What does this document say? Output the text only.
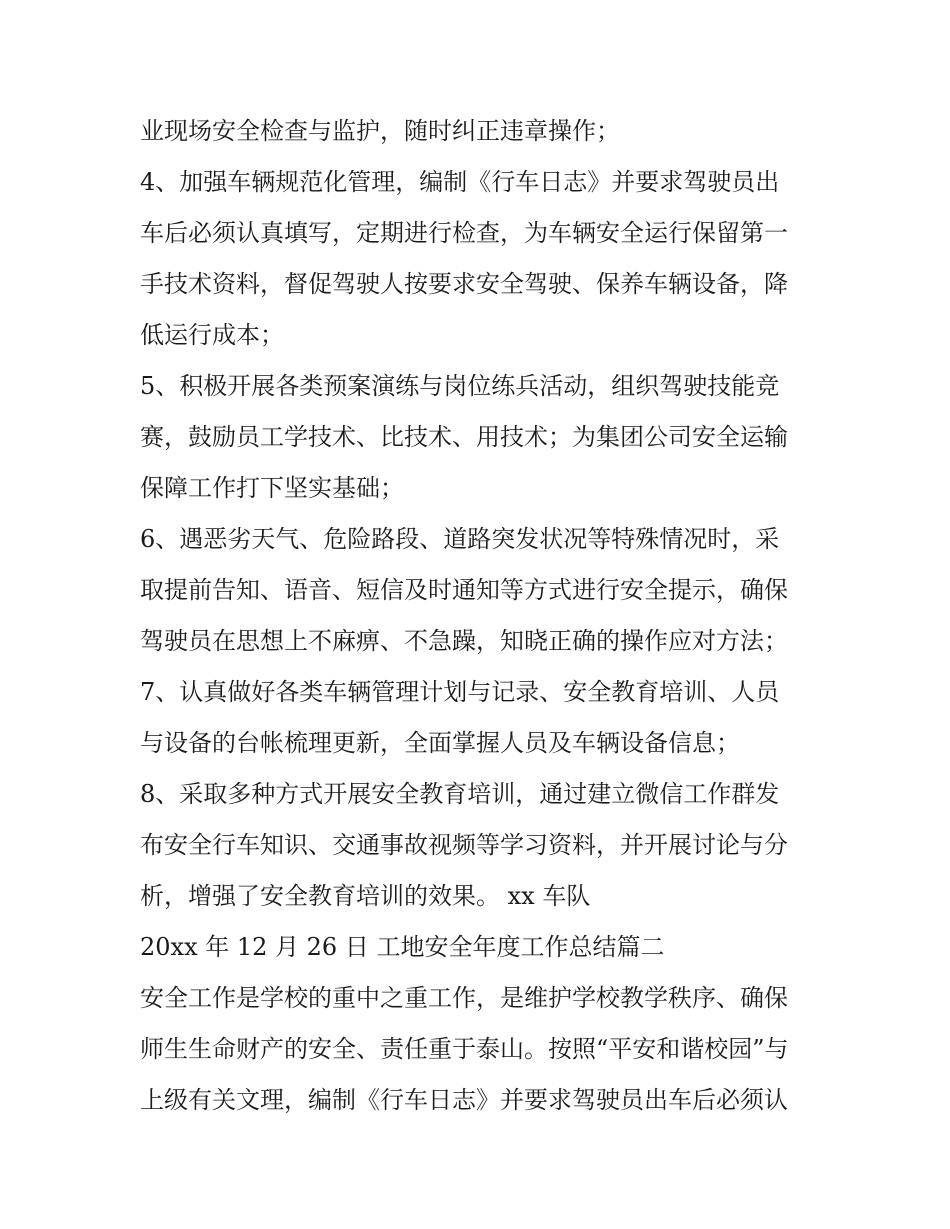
业现场安全检查与监护，随时纠正违章操作；
4、加强车辆规范化管理，编制《行车日志》并要求驾驶员出
车后必须认真填写，定期进行检查，为车辆安全运行保留第一
手技术资料，督促驾驶人按要求安全驾驶、保养车辆设备，降
低运行成本；
5、积极开展各类预案演练与岗位练兵活动，组织驾驶技能竞
赛，鼓励员工学技术、比技术、用技术；为集团公司安全运输
保障工作打下坚实基础；
6、遇恶劣天气、危险路段、道路突发状况等特殊情况时，采
取提前告知、语音、短信及时通知等方式进行安全提示，确保
驾驶员在思想上不麻痹、不急躁，知晓正确的操作应对方法；
7、认真做好各类车辆管理计划与记录、安全教育培训、人员
与设备的台帐梳理更新，全面掌握人员及车辆设备信息；
8、采取多种方式开展安全教育培训，通过建立微信工作群发
布安全行车知识、交通事故视频等学习资料，并开展讨论与分
析，增强了安全教育培训的效果。 xx 车队
20xx 年 12 月 26 日 工地安全年度工作总结篇二
安全工作是学校的重中之重工作，是维护学校教学秩序、确保
师生生命财产的安全、责任重于泰山。按照“平安和谐校园”与
上级有关文理，编制《行车日志》并要求驾驶员出车后必须认
